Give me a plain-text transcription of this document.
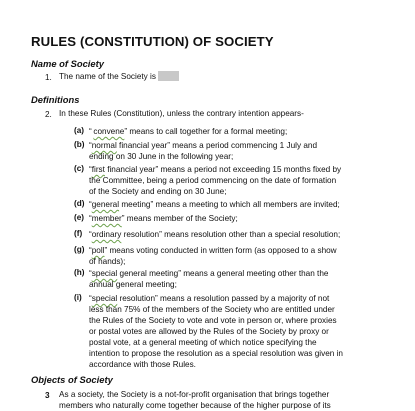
RULES (CONSTITUTION) OF SOCIETY
Name of Society
1. The name of the Society is
Definitions
2. In these Rules (Constitution), unless the contrary intention appears-
(a) “ convene” means to call together for a formal meeting;
(b) “normal financial year” means a period commencing 1 July and
ending on 30 June in the following year;
(c) “first financial year” means a period not exceeding 15 months fixed by
the Committee, being a period commencing on the date of formation
of the Society and ending on 30 June;
(d) “general meeting” means a meeting to which all members are invited;
(e) “member” means member of the Society;
(f) “ordinary resolution” means resolution other than a special resolution;
(g) “poll” means voting conducted in written form (as opposed to a show
of hands);
(h) “special general meeting” means a general meeting other than the
annual general meeting;
(i) “special resolution” means a resolution passed by a majority of not
less than 75% of the members of the Society who are entitled under
the Rules of the Society to vote and vote in person or, where proxies
or postal votes are allowed by the Rules of the Society by proxy or
postal vote, at a general meeting of which notice specifying the
intention to propose the resolution as a special resolution was given in
accordance with those Rules.
Objects of Society
3 As a society, the Society is a not-for-profit organisation that brings together
members who naturally come together because of the higher purpose of its
